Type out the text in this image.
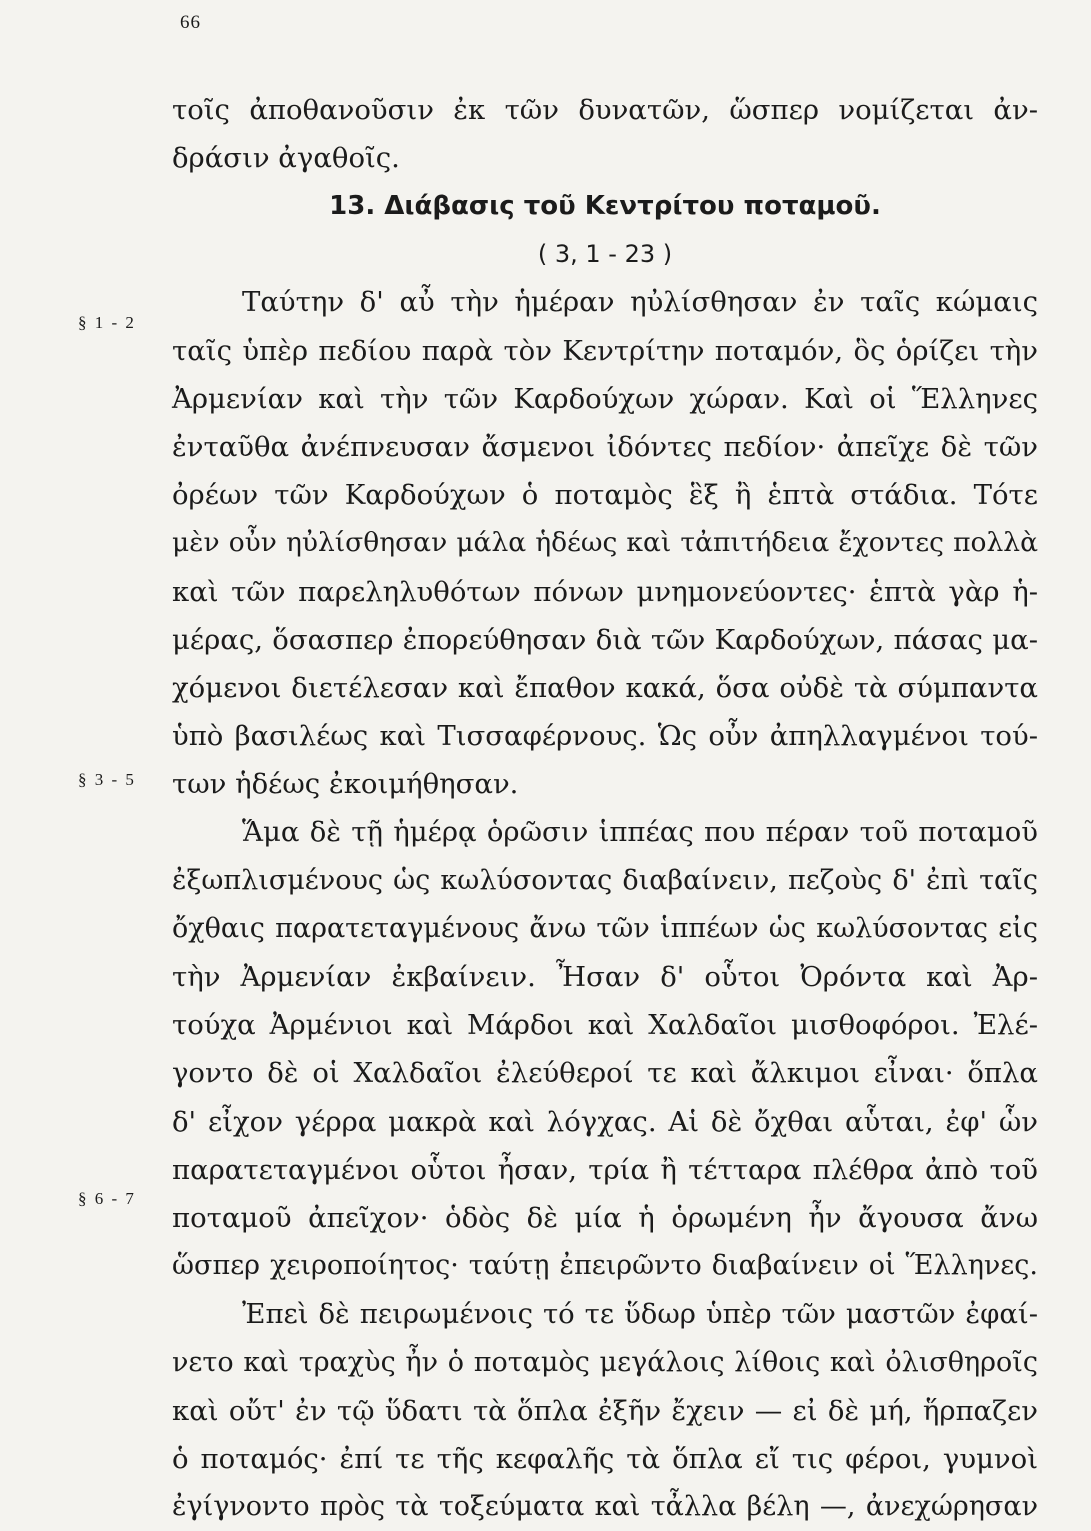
66
§ 1 - 2
§ 3 - 5
§ 6 - 7
τοῖς ἀποθανοῦσιν ἐκ τῶν δυνατῶν, ὥσπερ νομίζεται ἀν-
δράσιν ἀγαθοῖς.
13. Διάβασις τοῦ Κεντρίτου ποταμοῦ.
( 3, 1 - 23 )
Ταύτην δ' αὖ τὴν ἡμέραν ηὐλίσθησαν ἐν ταῖς κώμαις
ταῖς ὑπὲρ πεδίου παρὰ τὸν Κεντρίτην ποταμόν, ὃς ὁρίζει τὴν
Ἀρμενίαν καὶ τὴν τῶν Καρδούχων χώραν. Καὶ οἱ Ἕλληνες
ἐνταῦθα ἀνέπνευσαν ἄσμενοι ἰδόντες πεδίον· ἀπεῖχε δὲ τῶν
ὀρέων τῶν Καρδούχων ὁ ποταμὸς ἓξ ἢ ἑπτὰ στάδια. Τότε
μὲν οὖν ηὐλίσθησαν μάλα ἡδέως καὶ τἀπιτήδεια ἔχοντες πολλὰ
καὶ τῶν παρεληλυθότων πόνων μνημονεύοντες· ἑπτὰ γὰρ ἡ-
μέρας, ὅσασπερ ἐπορεύθησαν διὰ τῶν Καρδούχων, πάσας μα-
χόμενοι διετέλεσαν καὶ ἔπαθον κακά, ὅσα οὐδὲ τὰ σύμπαντα
ὑπὸ βασιλέως καὶ Τισσαφέρνους. Ὡς οὖν ἀπηλλαγμένοι τού-
των ἡδέως ἐκοιμήθησαν.
Ἅμα δὲ τῇ ἡμέρᾳ ὁρῶσιν ἱππέας που πέραν τοῦ ποταμοῦ
ἐξωπλισμένους ὡς κωλύσοντας διαβαίνειν, πεζοὺς δ' ἐπὶ ταῖς
ὄχθαις παρατεταγμένους ἄνω τῶν ἱππέων ὡς κωλύσοντας εἰς
τὴν Ἀρμενίαν ἐκβαίνειν. Ἦσαν δ' οὗτοι Ὀρόντα καὶ Ἀρ-
τούχα Ἀρμένιοι καὶ Μάρδοι καὶ Χαλδαῖοι μισθοφόροι. Ἐλέ-
γοντο δὲ οἱ Χαλδαῖοι ἐλεύθεροί τε καὶ ἄλκιμοι εἶναι· ὅπλα
δ' εἶχον γέρρα μακρὰ καὶ λόγχας. Αἱ δὲ ὄχθαι αὗται, ἐφ' ὧν
παρατεταγμένοι οὗτοι ἦσαν, τρία ἢ τέτταρα πλέθρα ἀπὸ τοῦ
ποταμοῦ ἀπεῖχον· ὁδὸς δὲ μία ἡ ὁρωμένη ἦν ἄγουσα ἄνω
ὥσπερ χειροποίητος· ταύτῃ ἐπειρῶντο διαβαίνειν οἱ Ἕλληνες.
Ἐπεὶ δὲ πειρωμένοις τό τε ὕδωρ ὑπὲρ τῶν μαστῶν ἐφαί-
νετο καὶ τραχὺς ἦν ὁ ποταμὸς μεγάλοις λίθοις καὶ ὀλισθηροῖς
καὶ οὔτ' ἐν τῷ ὕδατι τὰ ὅπλα ἐξῆν ἔχειν — εἰ δὲ μή, ἥρπαζεν
ὁ ποταμός· ἐπί τε τῆς κεφαλῆς τὰ ὅπλα εἴ τις φέροι, γυμνοὶ
ἐγίγνοντο πρὸς τὰ τοξεύματα καὶ τἆλλα βέλη —, ἀνεχώρησαν
